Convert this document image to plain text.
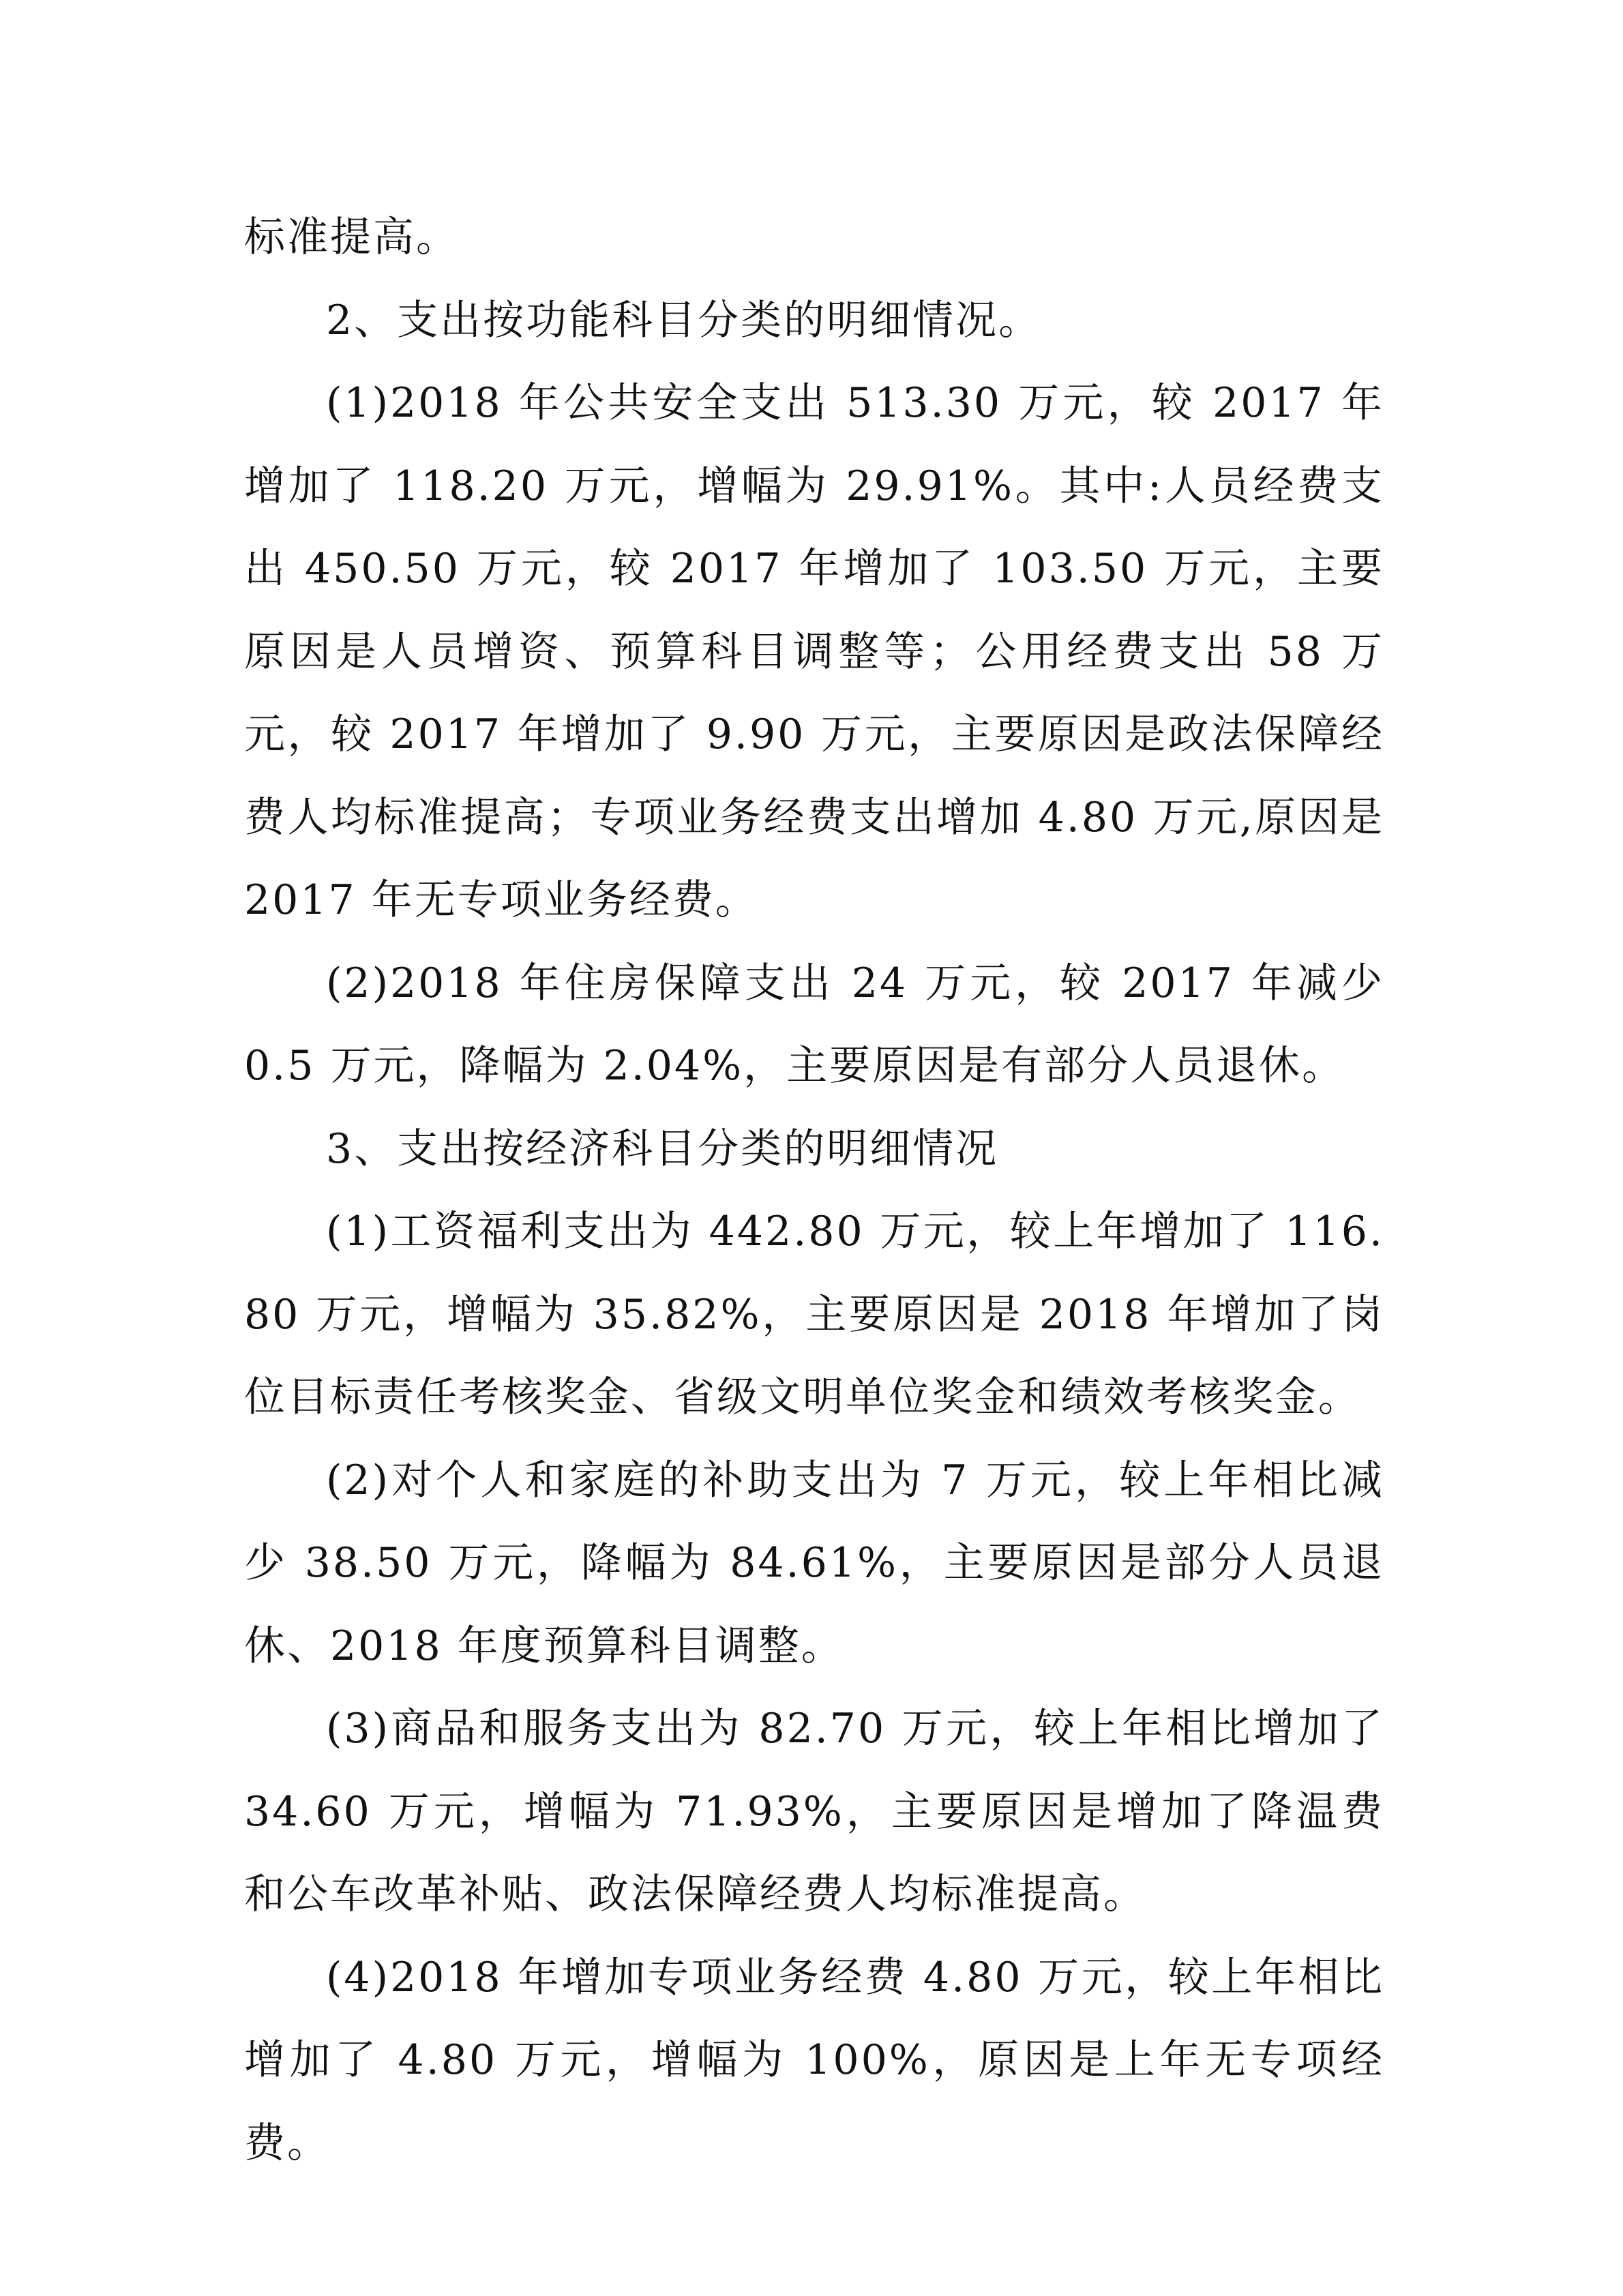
标准提高。

2、支出按功能科目分类的明细情况。

(1)2018 年公共安全支出 513.30 万元，较 2017 年增加了 118.20 万元，增幅为 29.91%。其中:人员经费支出 450.50 万元，较 2017 年增加了 103.50 万元，主要原因是人员增资、预算科目调整等；公用经费支出 58 万元，较 2017 年增加了 9.90 万元，主要原因是政法保障经费人均标准提高；专项业务经费支出增加 4.80 万元,原因是 2017 年无专项业务经费。

(2)2018 年住房保障支出 24 万元，较 2017 年减少 0.5 万元，降幅为 2.04%，主要原因是有部分人员退休。

3、支出按经济科目分类的明细情况

(1)工资福利支出为 442.80 万元，较上年增加了 116.80 万元，增幅为 35.82%，主要原因是 2018 年增加了岗位目标责任考核奖金、省级文明单位奖金和绩效考核奖金。

(2)对个人和家庭的补助支出为 7 万元，较上年相比减少 38.50 万元，降幅为 84.61%，主要原因是部分人员退休、2018 年度预算科目调整。

(3)商品和服务支出为 82.70 万元，较上年相比增加了 34.60 万元，增幅为 71.93%，主要原因是增加了降温费和公车改革补贴、政法保障经费人均标准提高。

(4)2018 年增加专项业务经费 4.80 万元，较上年相比增加了 4.80 万元，增幅为 100%，原因是上年无专项经费。
